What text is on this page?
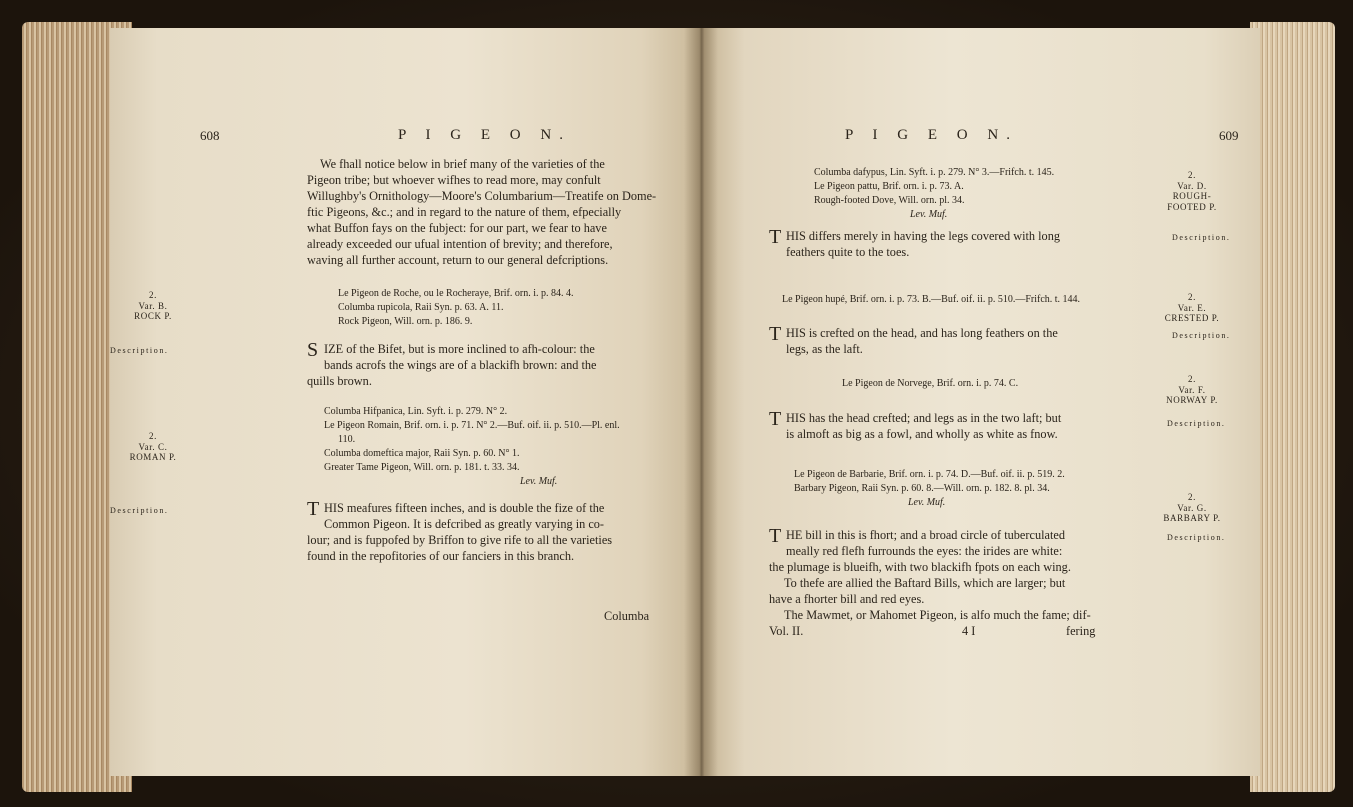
608	P I G E O N.
We fhall notice below in brief many of the varieties of the
Pigeon tribe; but whoever wifhes to read more, may confult
Willughby's Ornithology—Moore's Columbarium—Treatife on Dome-
ftic Pigeons, &c.; and in regard to the nature of them, efpecially
what Buffon fays on the fubject: for our part, we fear to have
already exceeded our ufual intention of brevity; and therefore,
waving all further account, return to our general defcriptions.
2.
Var. B.
ROCK P.
Le Pigeon de Roche, ou le Rocheraye, Brif. orn. i. p. 84. 4.
Columba rupicola, Raii Syn. p. 63. A. 11.
Rock Pigeon, Will. orn. p. 186. 9.
Description.	S IZE of the Bifet, but is more inclined to afh-colour: the
bands acrofs the wings are of a blackifh brown: and the
quills brown.
2.
Var. C.
ROMAN P.
Columba Hifpanica, Lin. Syft. i. p. 279. N° 2.
Le Pigeon Romain, Brif. orn. i. p. 71. N° 2.—Buf. oif. ii. p. 510.—Pl. enl.
110.
Columba domeftica major, Raii Syn. p. 60. N° 1.
Greater Tame Pigeon, Will. orn. p. 181. t. 33. 34.
Lev. Muf.
Description.	T HIS meafures fifteen inches, and is double the fize of the
Common Pigeon. It is defcribed as greatly varying in co-
lour; and is fuppofed by Briffon to give rife to all the varieties
found in the repofitories of our fanciers in this branch.
Columba
P I G E O N.	609
Columba dafypus, Lin. Syft. i. p. 279. N° 3.—Frifch. t. 145.
Le Pigeon pattu, Brif. orn. i. p. 73. A.
Rough-footed Dove, Will. orn. pl. 34.
Lev. Muf.
2.
Var. D.
ROUGH-
FOOTED P.
T HIS differs merely in having the legs covered with long
feathers quite to the toes.
Description.
Le Pigeon hupé, Brif. orn. i. p. 73. B.—Buf. oif. ii. p. 510.—Frifch. t. 144.	2.
Var. E.
CRESTED P.
T HIS is crefted on the head, and has long feathers on the
legs, as the laft.
Description.
Le Pigeon de Norvege, Brif. orn. i. p. 74. C.	2.
Var. F.
NORWAY P.
T HIS has the head crefted; and legs as in the two laft; but
is almoft as big as a fowl, and wholly as white as fnow.
Description.
Le Pigeon de Barbarie, Brif. orn. i. p. 74. D.—Buf. oif. ii. p. 519. 2.
Barbary Pigeon, Raii Syn. p. 60. 8.—Will. orn. p. 182. 8. pl. 34.
Lev. Muf.	2.
Var. G.
BARBARY P.
T HE bill in this is fhort; and a broad circle of tuberculated
meally red flefh furrounds the eyes: the irides are white:
the plumage is blueifh, with two blackifh fpots on each wing.
To thefe are allied the Baftard Bills, which are larger; but
have a fhorter bill and red eyes.
The Mawmet, or Mahomet Pigeon, is alfo much the fame; dif-
Description.
Vol. II.	4 I	fering
